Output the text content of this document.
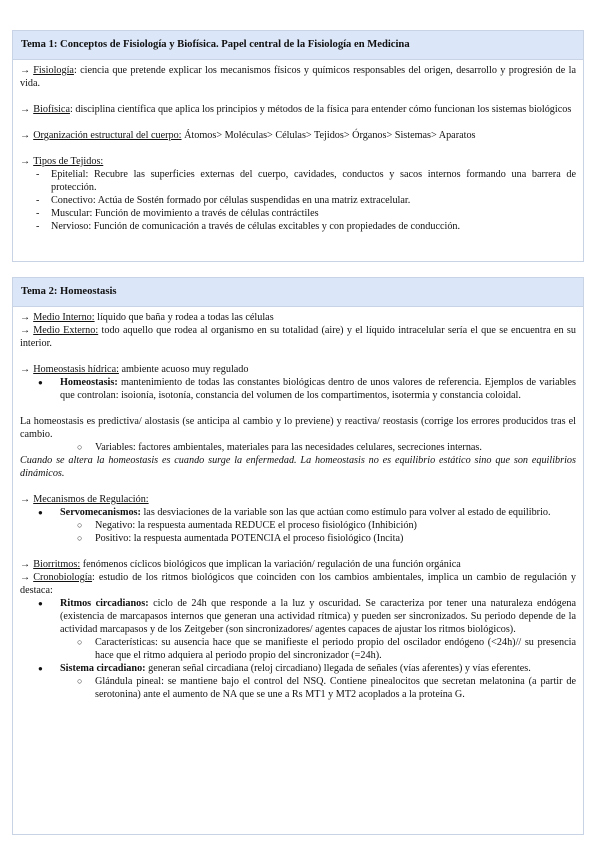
Tema 1: Conceptos de Fisiología y Biofísica. Papel central de la Fisiología en Medicina

→ Fisiología: ciencia que pretende explicar los mecanismos físicos y químicos responsables del origen, desarrollo y progresión de la vida.

→ Biofísica: disciplina científica que aplica los principios y métodos de la física para entender cómo funcionan los sistemas biológicos

→ Organización estructural del cuerpo: Átomos> Moléculas> Células> Tejidos> Órganos> Sistemas> Aparatos

→ Tipos de Tejidos:

- Epitelial: Recubre las superficies externas del cuerpo, cavidades, conductos y sacos internos formando una barrera de protección.

- Conectivo: Actúa de Sostén formado por células suspendidas en una matriz extracelular.

- Muscular: Función de movimiento a través de células contráctiles

- Nervioso: Función de comunicación a través de células excitables y con propiedades de conducción.

Tema 2: Homeostasis

→ Medio Interno: líquido que baña y rodea a todas las células

→ Medio Externo: todo aquello que rodea al organismo en su totalidad (aire) y el líquido intracelular sería el que se encuentra en su interior.

→ Homeostasis hídrica: ambiente acuoso muy regulado

● Homeostasis: mantenimiento de todas las constantes biológicas dentro de unos valores de referencia. Ejemplos de variables que controlan: isoionía, isotonía, constancia del volumen de los compartimentos, isotermia y constancia coloidal.

La homeostasis es predictiva/ alostasis (se anticipa al cambio y lo previene) y reactiva/ reostasis (corrige los errores producidos tras el cambio.

○ Variables: factores ambientales, materiales para las necesidades celulares, secreciones internas.

Cuando se altera la homeostasis es cuando surge la enfermedad. La homeostasis no es equilibrio estático sino que son equilibrios dinámicos.

→ Mecanismos de Regulación:

● Servomecanismos: las desviaciones de la variable son las que actúan como estímulo para volver al estado de equilibrio.

○ Negativo: la respuesta aumentada REDUCE el proceso fisiológico (Inhibición)

○ Positivo: la respuesta aumentada POTENCIA el proceso fisiológico (Incita)

→ Biorritmos: fenómenos cíclicos biológicos que implican la variación/ regulación de una función orgánica

→ Cronobiología: estudio de los ritmos biológicos que coinciden con los cambios ambientales, implica un cambio de regulación y destaca:

● Ritmos circadianos: ciclo de 24h que responde a la luz y oscuridad. Se caracteriza por tener una naturaleza endógena (existencia de marcapasos internos que generan una actividad rítmica) y pueden ser sincronizados. Su periodo depende de la actividad marcapasos y de los Zeitgeber (son sincronizadores/ agentes capaces de ajustar los ritmos biológicos).

○ Características: su ausencia hace que se manifieste el periodo propio del oscilador endógeno (<24h)// su presencia hace que el ritmo adquiera al periodo propio del sincronizador (=24h).

● Sistema circadiano: generan señal circadiana (reloj circadiano) llegada de señales (vías aferentes) y vías eferentes.

○ Glándula pineal: se mantiene bajo el control del NSQ. Contiene pinealocitos que secretan melatonina (a partir de serotonina) ante el aumento de NA que se une a Rs MT1 y MT2 acoplados a la proteína G.
